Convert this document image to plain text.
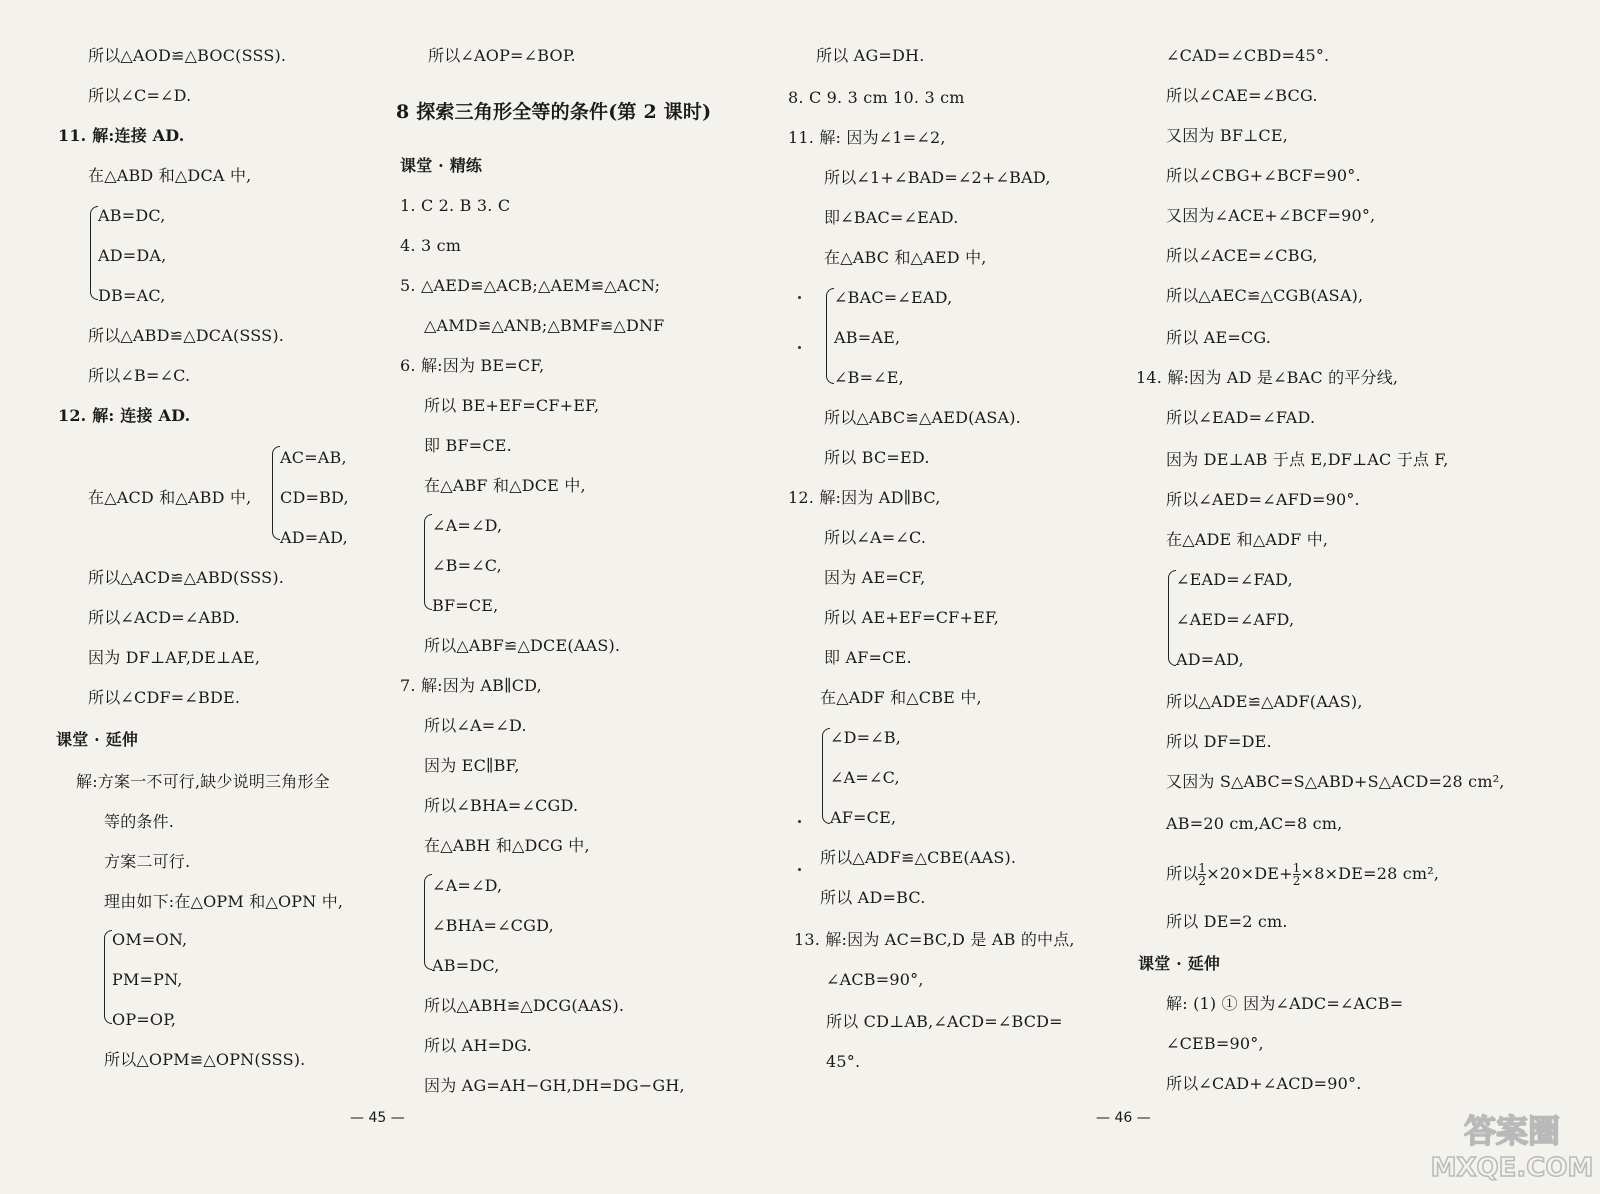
所以△AOD≌△BOC(SSS).
所以∠C=∠D.
11. 解:连接 AD.
在△ABD 和△DCA 中,
AB=DC,
AD=DA,
DB=AC,
所以△ABD≌△DCA(SSS).
所以∠B=∠C.
12. 解: 连接 AD.
AC=AB,
在△ACD 和△ABD 中, CD=BD,
AD=AD,
所以△ACD≌△ABD(SSS).
所以∠ACD=∠ABD.
因为 DF⊥AF,DE⊥AE,
所以∠CDF=∠BDE.
课堂 · 延伸
解:方案一不可行,缺少说明三角形全
等的条件.
方案二可行.
理由如下:在△OPM 和△OPN 中,
OM=ON,
PM=PN,
OP=OP,
所以△OPM≌△OPN(SSS).
所以∠AOP=∠BOP.
8 探索三角形全等的条件(第 2 课时)
课堂 · 精练
1. C 2. B 3. C
4. 3 cm
5. △AED≌△ACB;△AEM≌△ACN;
△AMD≌△ANB;△BMF≌△DNF
6. 解:因为 BE=CF,
所以 BE+EF=CF+EF,
即 BF=CE.
在△ABF 和△DCE 中,
∠A=∠D,
∠B=∠C,
BF=CE,
所以△ABF≌△DCE(AAS).
7. 解:因为 AB∥CD,
所以∠A=∠D.
因为 EC∥BF,
所以∠BHA=∠CGD.
在△ABH 和△DCG 中,
∠A=∠D,
∠BHA=∠CGD,
AB=DC,
所以△ABH≌△DCG(AAS).
所以 AH=DG.
因为 AG=AH−GH,DH=DG−GH,
— 45 —
所以 AG=DH.
8. C 9. 3 cm 10. 3 cm
11. 解: 因为∠1=∠2,
所以∠1+∠BAD=∠2+∠BAD,
即∠BAC=∠EAD.
在△ABC 和△AED 中,
∠BAC=∠EAD,
AB=AE,
∠B=∠E,
所以△ABC≌△AED(ASA).
所以 BC=ED.
12. 解:因为 AD∥BC,
所以∠A=∠C.
因为 AE=CF,
所以 AE+EF=CF+EF,
即 AF=CE.
在△ADF 和△CBE 中,
∠D=∠B,
∠A=∠C,
AF=CE,
所以△ADF≌△CBE(AAS).
所以 AD=BC.
13. 解:因为 AC=BC,D 是 AB 的中点,
∠ACB=90°,
所以 CD⊥AB,∠ACD=∠BCD=
45°.
— 46 —
∠CAD=∠CBD=45°.
所以∠CAE=∠BCG.
又因为 BF⊥CE,
所以∠CBG+∠BCF=90°.
又因为∠ACE+∠BCF=90°,
所以∠ACE=∠CBG,
所以△AEC≌△CGB(ASA),
所以 AE=CG.
14. 解:因为 AD 是∠BAC 的平分线,
所以∠EAD=∠FAD.
因为 DE⊥AB 于点 E,DF⊥AC 于点 F,
所以∠AED=∠AFD=90°.
在△ADE 和△ADF 中,
∠EAD=∠FAD,
∠AED=∠AFD,
AD=AD,
所以△ADE≌△ADF(AAS),
所以 DF=DE.
又因为 S△ABC=S△ABD+S△ACD=28 cm²,
AB=20 cm,AC=8 cm,
所以 $\frac{1}{2} \times 20\times DE+ \frac{1}{2} \times 8\times DE=28$ cm²,
所以 DE=2 cm.
课堂 · 延伸
解: (1) ① 因为∠ADC=∠ACB=
∠CEB=90°,
所以∠CAD+∠ACD=90°.
答案圈
MXQE.COM
